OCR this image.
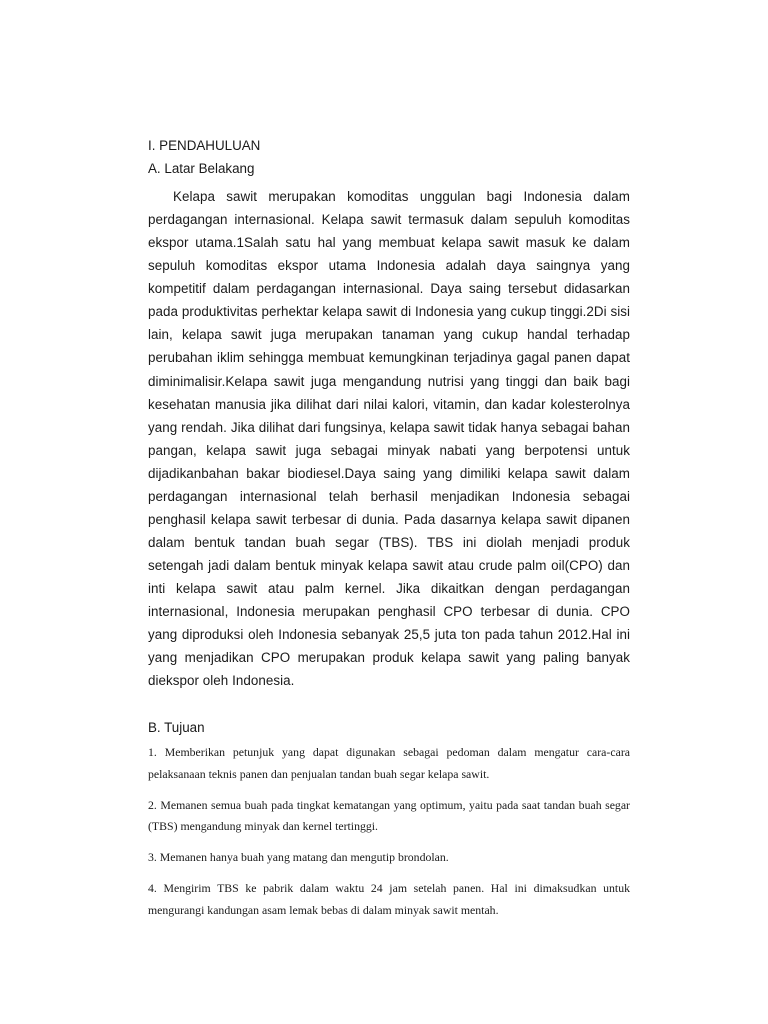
I. PENDAHULUAN
A. Latar Belakang

Kelapa sawit merupakan komoditas unggulan bagi Indonesia dalam perdagangan internasional. Kelapa sawit termasuk dalam sepuluh komoditas ekspor utama.1Salah satu hal yang membuat kelapa sawit masuk ke dalam sepuluh komoditas ekspor utama Indonesia adalah daya saingnya yang kompetitif dalam perdagangan internasional. Daya saing tersebut didasarkan pada produktivitas perhektar kelapa sawit di Indonesia yang cukup tinggi.2Di sisi lain, kelapa sawit juga merupakan tanaman yang cukup handal terhadap perubahan iklim sehingga membuat kemungkinan terjadinya gagal panen dapat diminimalisir.Kelapa sawit juga mengandung nutrisi yang tinggi dan baik bagi kesehatan manusia jika dilihat dari nilai kalori, vitamin, dan kadar kolesterolnya yang rendah. Jika dilihat dari fungsinya, kelapa sawit tidak hanya sebagai bahan pangan, kelapa sawit juga sebagai minyak nabati yang berpotensi untuk dijadikanbahan bakar biodiesel.Daya saing yang dimiliki kelapa sawit dalam perdagangan internasional telah berhasil menjadikan Indonesia sebagai penghasil kelapa sawit terbesar di dunia. Pada dasarnya kelapa sawit dipanen dalam bentuk tandan buah segar (TBS). TBS ini diolah menjadi produk setengah jadi dalam bentuk minyak kelapa sawit atau crude palm oil(CPO) dan inti kelapa sawit atau palm kernel. Jika dikaitkan dengan perdagangan internasional, Indonesia merupakan penghasil CPO terbesar di dunia. CPO yang diproduksi oleh Indonesia sebanyak 25,5 juta ton pada tahun 2012.Hal ini yang menjadikan CPO merupakan produk kelapa sawit yang paling banyak diekspor oleh Indonesia.

B. Tujuan
1. Memberikan petunjuk yang dapat digunakan sebagai pedoman dalam mengatur cara-cara pelaksanaan teknis panen dan penjualan tandan buah segar kelapa sawit.
2. Memanen semua buah pada tingkat kematangan yang optimum, yaitu pada saat tandan buah segar (TBS) mengandung minyak dan kernel tertinggi.
3. Memanen hanya buah yang matang dan mengutip brondolan.
4. Mengirim TBS ke pabrik dalam waktu 24 jam setelah panen. Hal ini dimaksudkan untuk mengurangi kandungan asam lemak bebas di dalam minyak sawit mentah.
